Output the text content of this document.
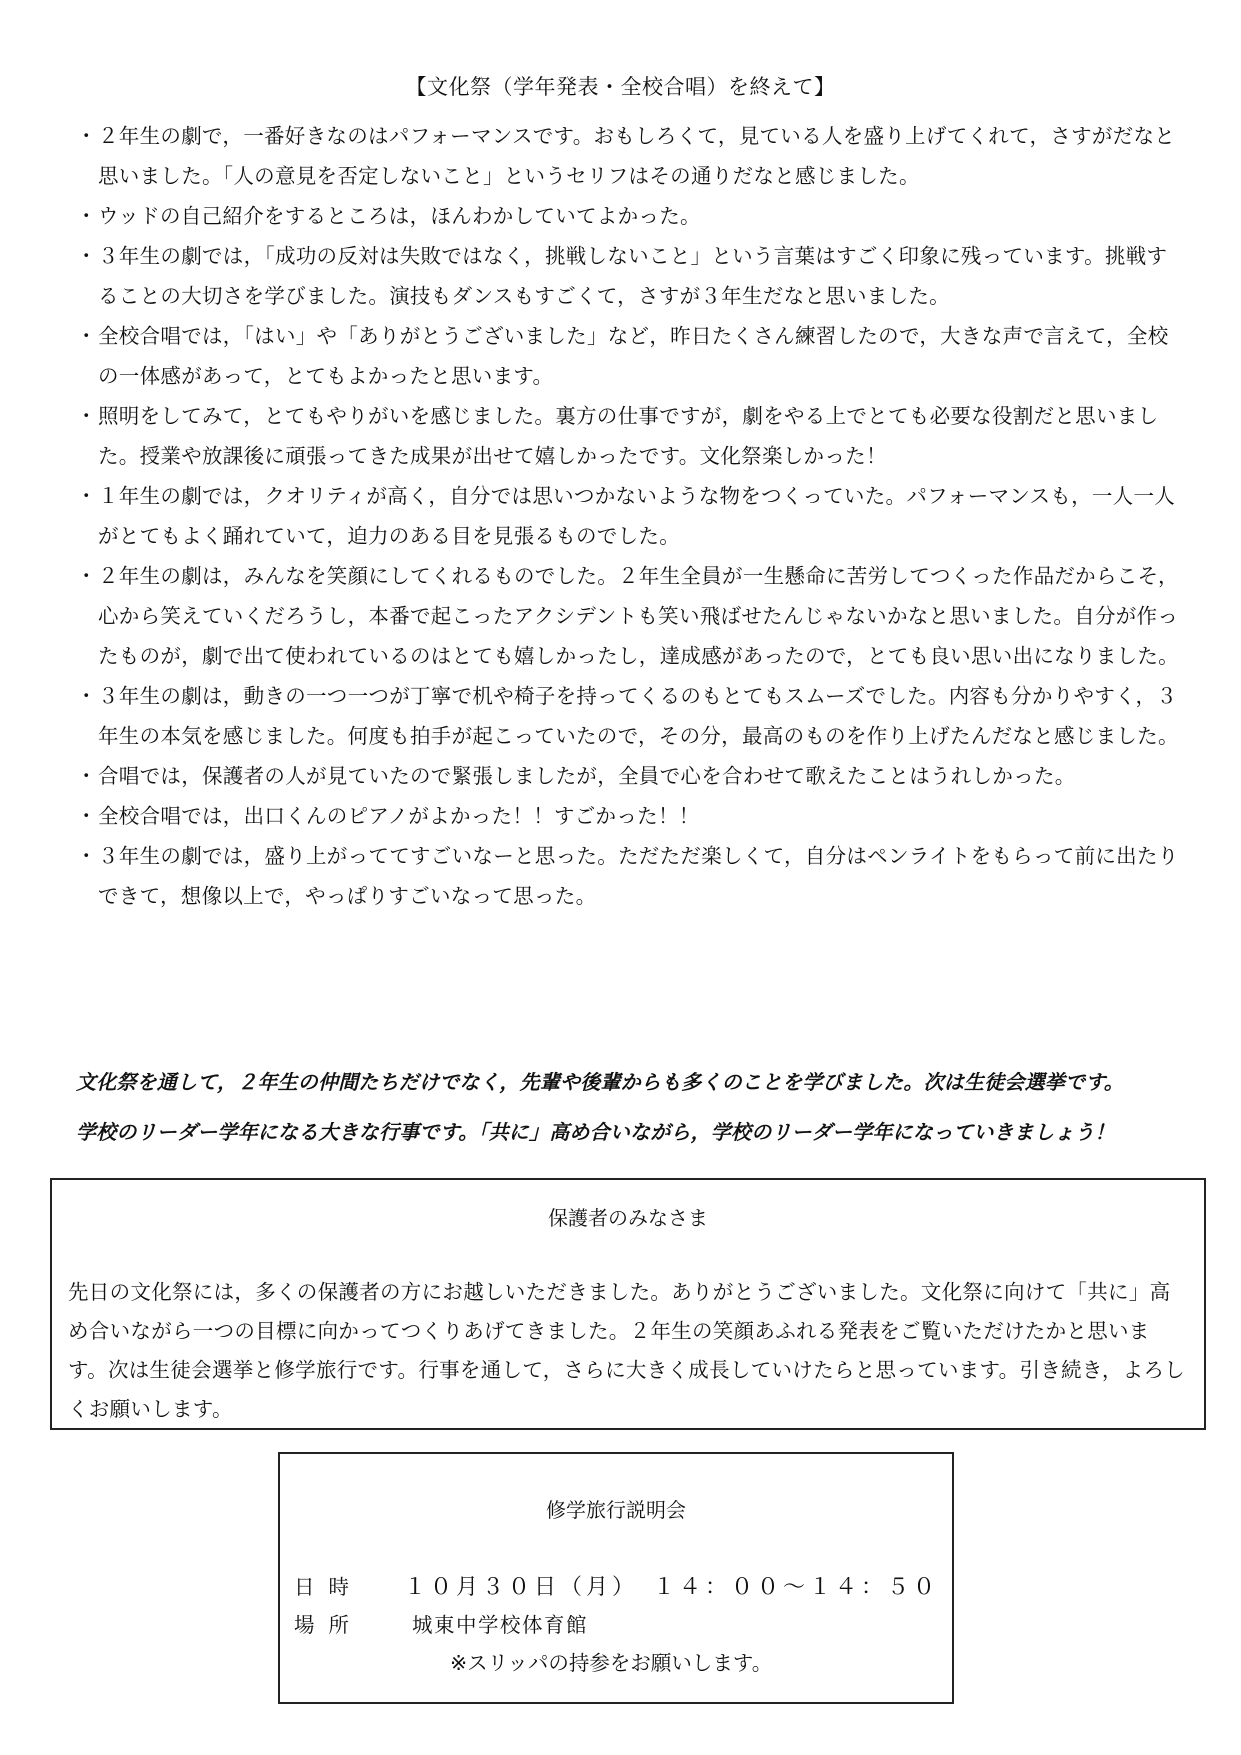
【文化祭（学年発表・全校合唱）を終えて】
・ ２年生の劇で，一番好きなのはパフォーマンスです。おもしろくて，見ている人を盛り上げてくれて，さすがだなと思いました。「人の意見を否定しないこと」というセリフはその通りだなと感じました。
・ ウッドの自己紹介をするところは，ほんわかしていてよかった。
・ ３年生の劇では，「成功の反対は失敗ではなく，挑戦しないこと」という言葉はすごく印象に残っています。挑戦することの大切さを学びました。演技もダンスもすごくて，さすが３年生だなと思いました。
・ 全校合唱では，「はい」や「ありがとうございました」など，昨日たくさん練習したので，大きな声で言えて，全校の一体感があって，とてもよかったと思います。
・ 照明をしてみて，とてもやりがいを感じました。裏方の仕事ですが，劇をやる上でとても必要な役割だと思いました。授業や放課後に頑張ってきた成果が出せて嬉しかったです。文化祭楽しかった！
・ １年生の劇では，クオリティが高く，自分では思いつかないような物をつくっていた。パフォーマンスも，一人一人がとてもよく踊れていて，迫力のある目を見張るものでした。
・ ２年生の劇は，みんなを笑顔にしてくれるものでした。２年生全員が一生懸命に苦労してつくった作品だからこそ，心から笑えていくだろうし，本番で起こったアクシデントも笑い飛ばせたんじゃないかなと思いました。自分が作ったものが，劇で出て使われているのはとても嬉しかったし，達成感があったので，とても良い思い出になりました。
・ ３年生の劇は，動きの一つ一つが丁寧で机や椅子を持ってくるのもとてもスムーズでした。内容も分かりやすく，３年生の本気を感じました。何度も拍手が起こっていたので，その分，最高のものを作り上げたんだなと感じました。
・ 合唱では，保護者の人が見ていたので緊張しましたが，全員で心を合わせて歌えたことはうれしかった。
・ 全校合唱では，出口くんのピアノがよかった！！すごかった！！
・ ３年生の劇では，盛り上がっててすごいなーと思った。ただただ楽しくて，自分はペンライトをもらって前に出たりできて，想像以上で，やっぱりすごいなって思った。
文化祭を通して，２年生の仲間たちだけでなく，先輩や後輩からも多くのことを学びました。次は生徒会選挙です。
学校のリーダー学年になる大きな行事です。「共に」高め合いながら，学校のリーダー学年になっていきましょう！
保護者のみなさま

先日の文化祭には，多くの保護者の方にお越しいただきました。ありがとうございました。文化祭に向けて「共に」高め合いながら一つの目標に向かってつくりあげてきました。２年生の笑顔あふれる発表をご覧いただけたかと思います。次は生徒会選挙と修学旅行です。行事を通して，さらに大きく成長していけたらと思っています。引き続き，よろしくお願いします。

修学旅行説明会
日時 １０月３０日（月）　１４：００～１４：５０
場所 城東中学校体育館
※スリッパの持参をお願いします。
